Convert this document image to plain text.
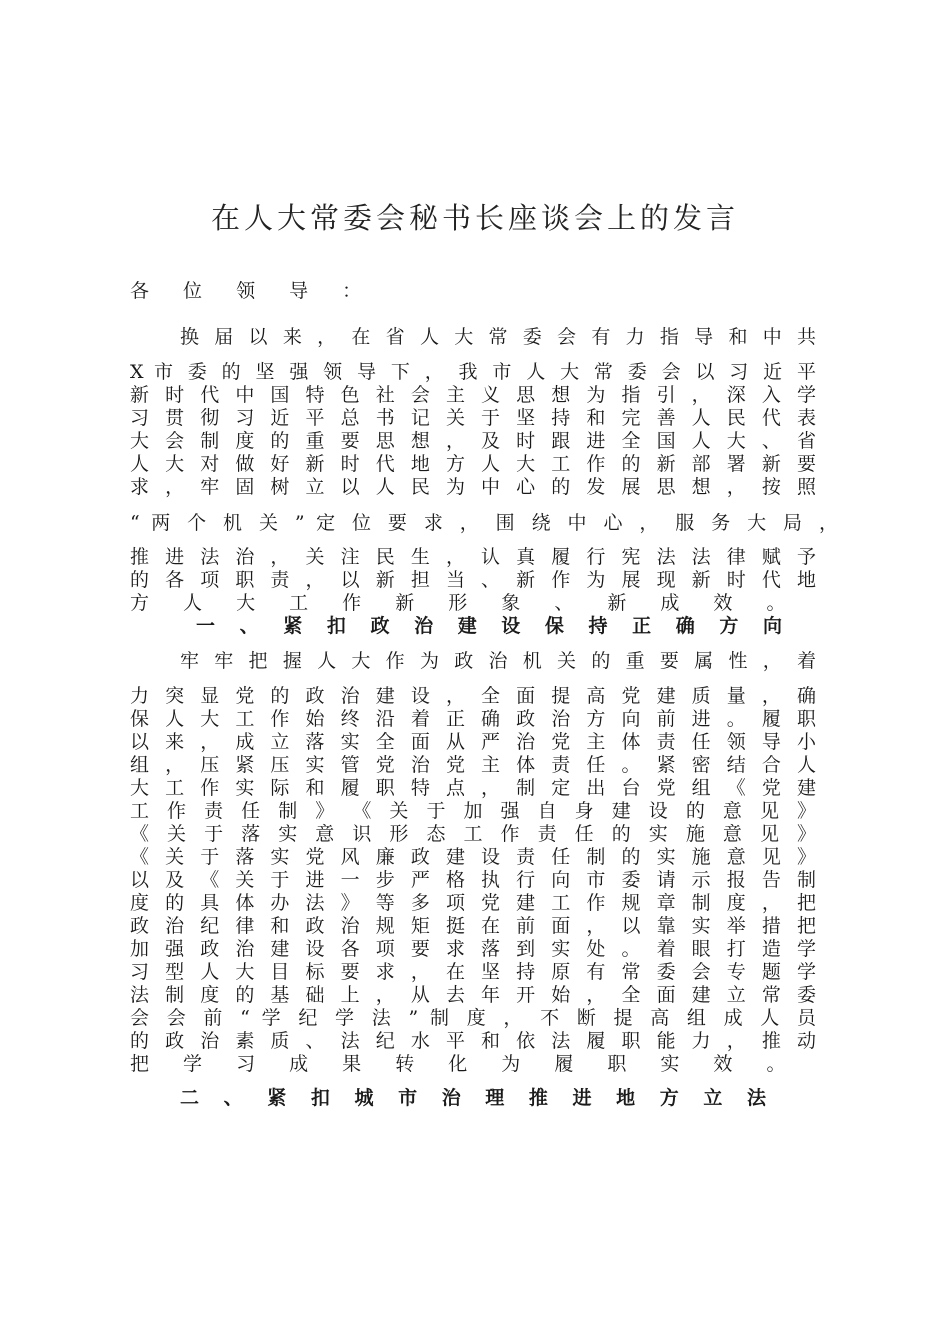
在人大常委会秘书长座谈会上的发言
各 位 领 导 ：
换 届 以 来 ， 在 省 人 大 常 委 会 有 力 指 导 和 中 共
X 市 委 的 坚 强 领 导 下 ， 我 市 人 大 常 委 会 以 习 近 平
新 时 代 中 国 特 色 社 会 主 义 思 想 为 指 引 ， 深 入 学
习 贯 彻 习 近 平 总 书 记 关 于 坚 持 和 完 善 人 民 代 表
大 会 制 度 的 重 要 思 想 ， 及 时 跟 进 全 国 人 大 、 省
人 大 对 做 好 新 时 代 地 方 人 大 工 作 的 新 部 署 新 要
求 ， 牢 固 树 立 以 人 民 为 中 心 的 发 展 思 想 ， 按 照
“ 两 个 机 关 ” 定 位 要 求 ， 围 绕 中 心 ， 服 务 大 局 ，
推 进 法 治 ， 关 注 民 生 ， 认 真 履 行 宪 法 法 律 赋 予
的 各 项 职 责 ， 以 新 担 当 、 新 作 为 展 现 新 时 代 地
方 人 大 工 作 新 形 象 、 新 成 效 。
一 、 紧 扣 政 治 建 设 保 持 正 确 方 向
牢 牢 把 握 人 大 作 为 政 治 机 关 的 重 要 属 性 ， 着
力 突 显 党 的 政 治 建 设 ， 全 面 提 高 党 建 质 量 ， 确
保 人 大 工 作 始 终 沿 着 正 确 政 治 方 向 前 进 。 履 职
以 来 ， 成 立 落 实 全 面 从 严 治 党 主 体 责 任 领 导 小
组 ， 压 紧 压 实 管 党 治 党 主 体 责 任 。 紧 密 结 合 人
大 工 作 实 际 和 履 职 特 点 ， 制 定 出 台 党 组 《 党 建
工 作 责 任 制 》 《 关 于 加 强 自 身 建 设 的 意 见 》
《 关 于 落 实 意 识 形 态 工 作 责 任 的 实 施 意 见 》
《 关 于 落 实 党 风 廉 政 建 设 责 任 制 的 实 施 意 见 》
以 及 《 关 于 进 一 步 严 格 执 行 向 市 委 请 示 报 告 制
度 的 具 体 办 法 》 等 多 项 党 建 工 作 规 章 制 度 ， 把
政 治 纪 律 和 政 治 规 矩 挺 在 前 面 ， 以 靠 实 举 措 把
加 强 政 治 建 设 各 项 要 求 落 到 实 处 。 着 眼 打 造 学
习 型 人 大 目 标 要 求 ， 在 坚 持 原 有 常 委 会 专 题 学
法 制 度 的 基 础 上 ， 从 去 年 开 始 ， 全 面 建 立 常 委
会 会 前 “ 学 纪 学 法 ” 制 度 ， 不 断 提 高 组 成 人 员
的 政 治 素 质 、 法 纪 水 平 和 依 法 履 职 能 力 ， 推 动
把 学 习 成 果 转 化 为 履 职 实 效 。
二 、 紧 扣 城 市 治 理 推 进 地 方 立 法
